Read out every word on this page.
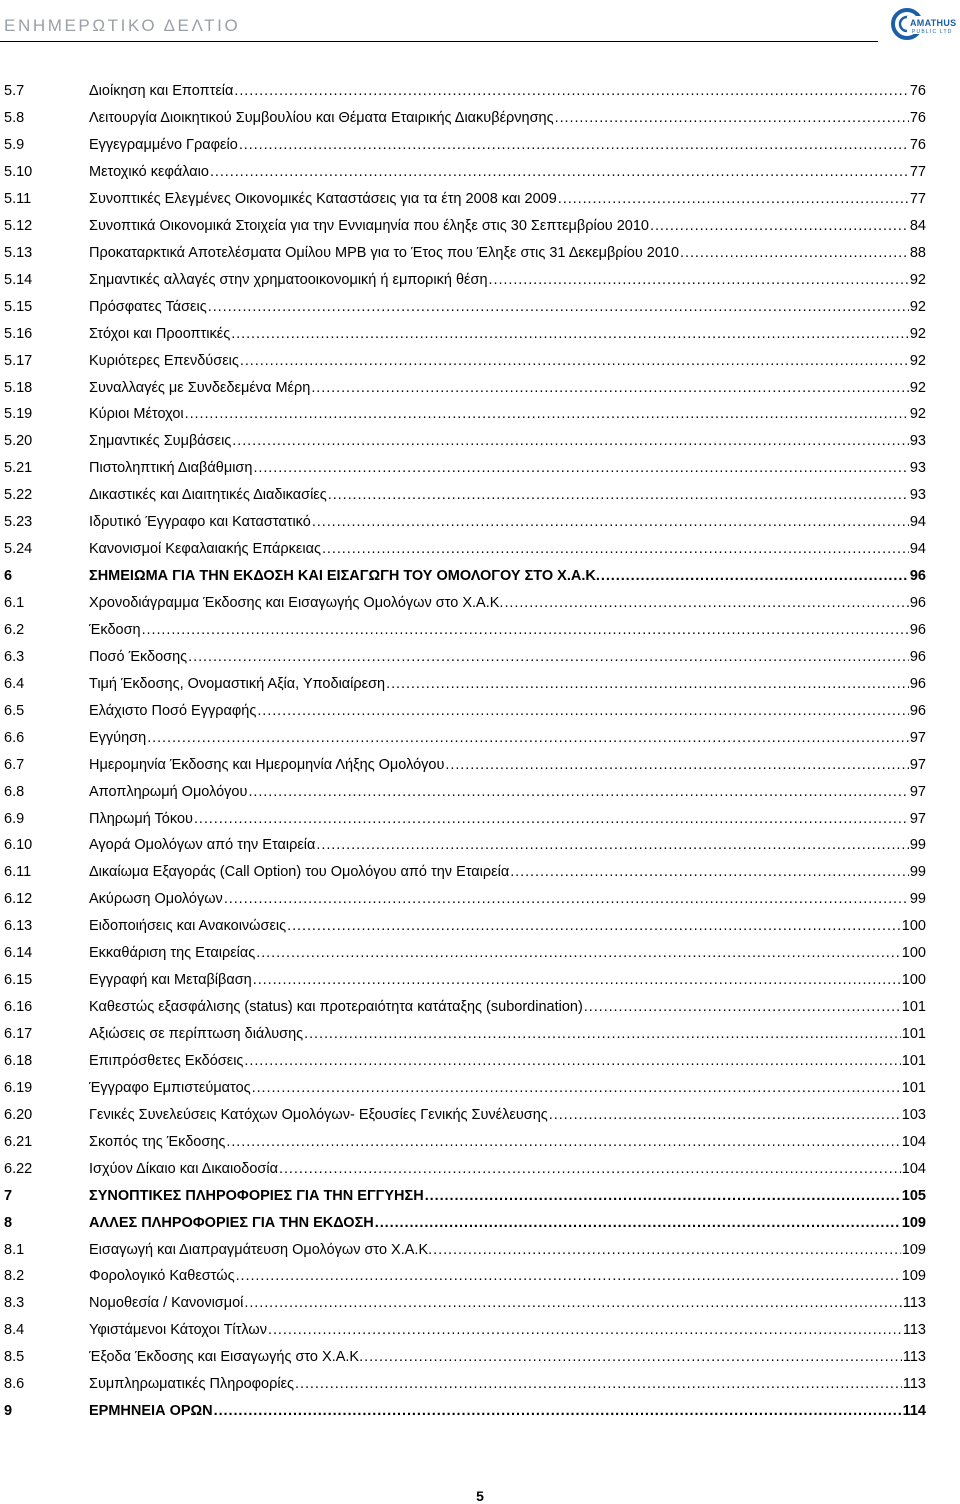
ΕΝΗΜΕΡΩΤΙΚΟ ΔΕΛΤΙΟ	AMATHUS
PUBLIC LTD
5.7	Διοίκηση και Εποπτεία . . .	76
5.8	Λειτουργία Διοικητικού Συμβουλίου και Θέματα Εταιρικής Διακυβέρνησης . . .	76
5.9	Εγγεγραμμένο Γραφείο . . .	76
5.10	Μετοχικό κεφάλαιο . . .	77
5.11	Συνοπτικές Ελεγμένες Οικονομικές Καταστάσεις για τα έτη 2008 και 2009 . . .	77
5.12	Συνοπτικά Οικονομικά Στοιχεία για την Εννιαμηνία που έληξε στις 30 Σεπτεμβρίου 2010 . . .	84
5.13	Προκαταρκτικά Αποτελέσματα Ομίλου MPB για το Έτος που Έληξε στις 31 Δεκεμβρίου 2010 . . .	88
5.14	Σημαντικές αλλαγές στην χρηματοοικονομική ή εμπορική θέση . . .	92
5.15	Πρόσφατες Τάσεις . . .	92
5.16	Στόχοι και Προοπτικές . . .	92
5.17	Κυριότερες Επενδύσεις . . .	92
5.18	Συναλλαγές με Συνδεδεμένα Μέρη . . .	92
5.19	Κύριοι Μέτοχοι . . .	92
5.20	Σημαντικές Συμβάσεις . . .	93
5.21	Πιστοληπτική Διαβάθμιση . . .	93
5.22	Δικαστικές και Διαιτητικές Διαδικασίες . . .	93
5.23	Ιδρυτικό Έγγραφο και Καταστατικό . . .	94
5.24	Κανονισμοί Κεφαλαιακής Επάρκειας . . .	94
6	ΣΗΜΕΙΩΜΑ ΓΙΑ ΤΗΝ ΕΚΔΟΣΗ ΚΑΙ ΕΙΣΑΓΩΓΗ ΤΟΥ ΟΜΟΛΟΓΟΥ ΣΤΟ Χ.Α.Κ. . . .	96
6.1	Χρονοδιάγραμμα Έκδοσης και Εισαγωγής Ομολόγων στο Χ.Α.Κ. . . .	96
6.2	Έκδοση . . .	96
6.3	Ποσό Έκδοσης . . .	96
6.4	Τιμή Έκδοσης, Ονομαστική Αξία, Υποδιαίρεση . . .	96
6.5	Ελάχιστο Ποσό Εγγραφής . . .	96
6.6	Εγγύηση . . .	97
6.7	Ημερομηνία Έκδοσης και Ημερομηνία Λήξης Ομολόγου . . .	97
6.8	Αποπληρωμή Ομολόγου . . .	97
6.9	Πληρωμή Τόκου . . .	97
6.10	Αγορά Ομολόγων από την Εταιρεία . . .	99
6.11	Δικαίωμα Εξαγοράς (Call Option) του Ομολόγου από την Εταιρεία . . .	99
6.12	Ακύρωση Ομολόγων . . .	99
6.13	Ειδοποιήσεις και Ανακοινώσεις . . .	100
6.14	Εκκαθάριση της Εταιρείας . . .	100
6.15	Εγγραφή και Μεταβίβαση . . .	100
6.16	Καθεστώς εξασφάλισης (status) και προτεραιότητα κατάταξης (subordination) . . .	101
6.17	Αξιώσεις σε περίπτωση διάλυσης . . .	101
6.18	Επιπρόσθετες Εκδόσεις . . .	101
6.19	Έγγραφο Εμπιστεύματος . . .	101
6.20	Γενικές Συνελεύσεις Κατόχων Ομολόγων- Εξουσίες Γενικής Συνέλευσης . . .	103
6.21	Σκοπός της Έκδοσης . . .	104
6.22	Ισχύον Δίκαιο και Δικαιοδοσία . . .	104
7	ΣΥΝΟΠΤΙΚΕΣ ΠΛΗΡΟΦΟΡΙΕΣ ΓΙΑ ΤΗΝ ΕΓΓΥΗΣΗ . . .	105
8	ΑΛΛΕΣ ΠΛΗΡΟΦΟΡΙΕΣ ΓΙΑ ΤΗΝ ΕΚΔΟΣΗ . . .	109
8.1	Εισαγωγή και Διαπραγμάτευση Ομολόγων στο Χ.Α.Κ. . . .	109
8.2	Φορολογικό Καθεστώς . . .	109
8.3	Νομοθεσία / Κανονισμοί . . .	113
8.4	Υφιστάμενοι Κάτοχοι Τίτλων . . .	113
8.5	Έξοδα Έκδοσης και Εισαγωγής στο Χ.Α.Κ. . . .	113
8.6	Συμπληρωματικές Πληροφορίες . . .	113
9	ΕΡΜΗΝΕΙΑ ΟΡΩΝ . . .	114
5
